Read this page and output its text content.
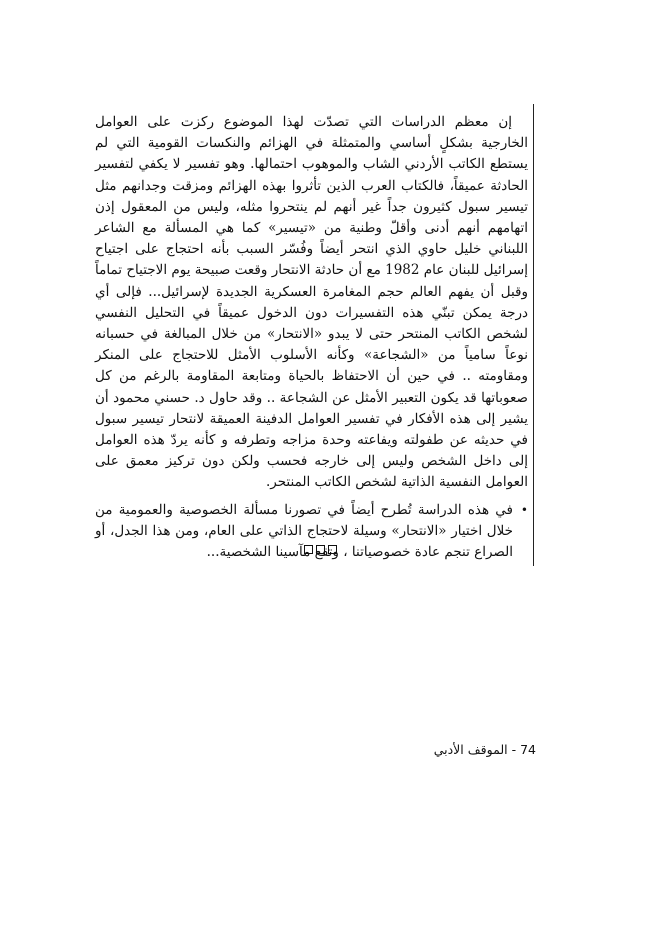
إن معظم الدراسات التي تصدّت لهذا الموضوع ركزت على العوامل الخارجية بشكلٍ أساسي والمتمثلة في الهزائم والنكسات القومية التي لم يستطع الكاتب الأردني الشاب والموهوب احتمالها. وهو تفسير لا يكفي لتفسير الحادثة عميقاً، فالكتاب العرب الذين تأثروا بهذه الهزائم ومزقت وجدانهم مثل تيسير سبول كثيرون جداً غير أنهم لم ينتحروا مثله، وليس من المعقول إذن اتهامهم أنهم أدنى وأقلّ وطنية من «تيسير» كما هي المسألة مع الشاعر اللبناني خليل حاوي الذي انتحر أيضاً وفُسّر السبب بأنه احتجاج على اجتياح إسرائيل للبنان عام 1982 مع أن حادثة الانتحار وقعت صبيحة يوم الاجتياح تماماً وقبل أن يفهم العالم حجم المغامرة العسكرية الجديدة لإسرائيل... فإلى أي درجة يمكن تبنّي هذه التفسيرات دون الدخول عميقاً في التحليل النفسي لشخص الكاتب المنتحر حتى لا يبدو «الانتحار» من خلال المبالغة في حسبانه نوعاً سامياً من «الشجاعة» وكأنه الأسلوب الأمثل للاحتجاج على المنكر ومقاومته .. في حين أن الاحتفاظ بالحياة ومتابعة المقاومة بالرغم من كل صعوباتها قد يكون التعبير الأمثل عن الشجاعة .. وقد حاول د. حسني محمود أن يشير إلى هذه الأفكار في تفسير العوامل الدفينة العميقة لانتحار تيسير سبول في حديثه عن طفولته ويفاعته وحدة مزاجه وتطرفه و كأنه يردّ هذه العوامل إلى داخل الشخص وليس إلى خارجه فحسب ولكن دون تركيز معمق على العوامل النفسية الذاتية لشخص الكاتب المنتحر.

•
في هذه الدراسة تُطرح أيضاً في تصورنا مسألة الخصوصية والعمومية من خلال اختيار «الانتحار» وسيلة لاحتجاج الذاتي على العام، ومن هذا الجدل، أو الصراع تنجم عادة خصوصياتنا ، وتقع مآسينا الشخصية...

74 - الموقف الأدبي
